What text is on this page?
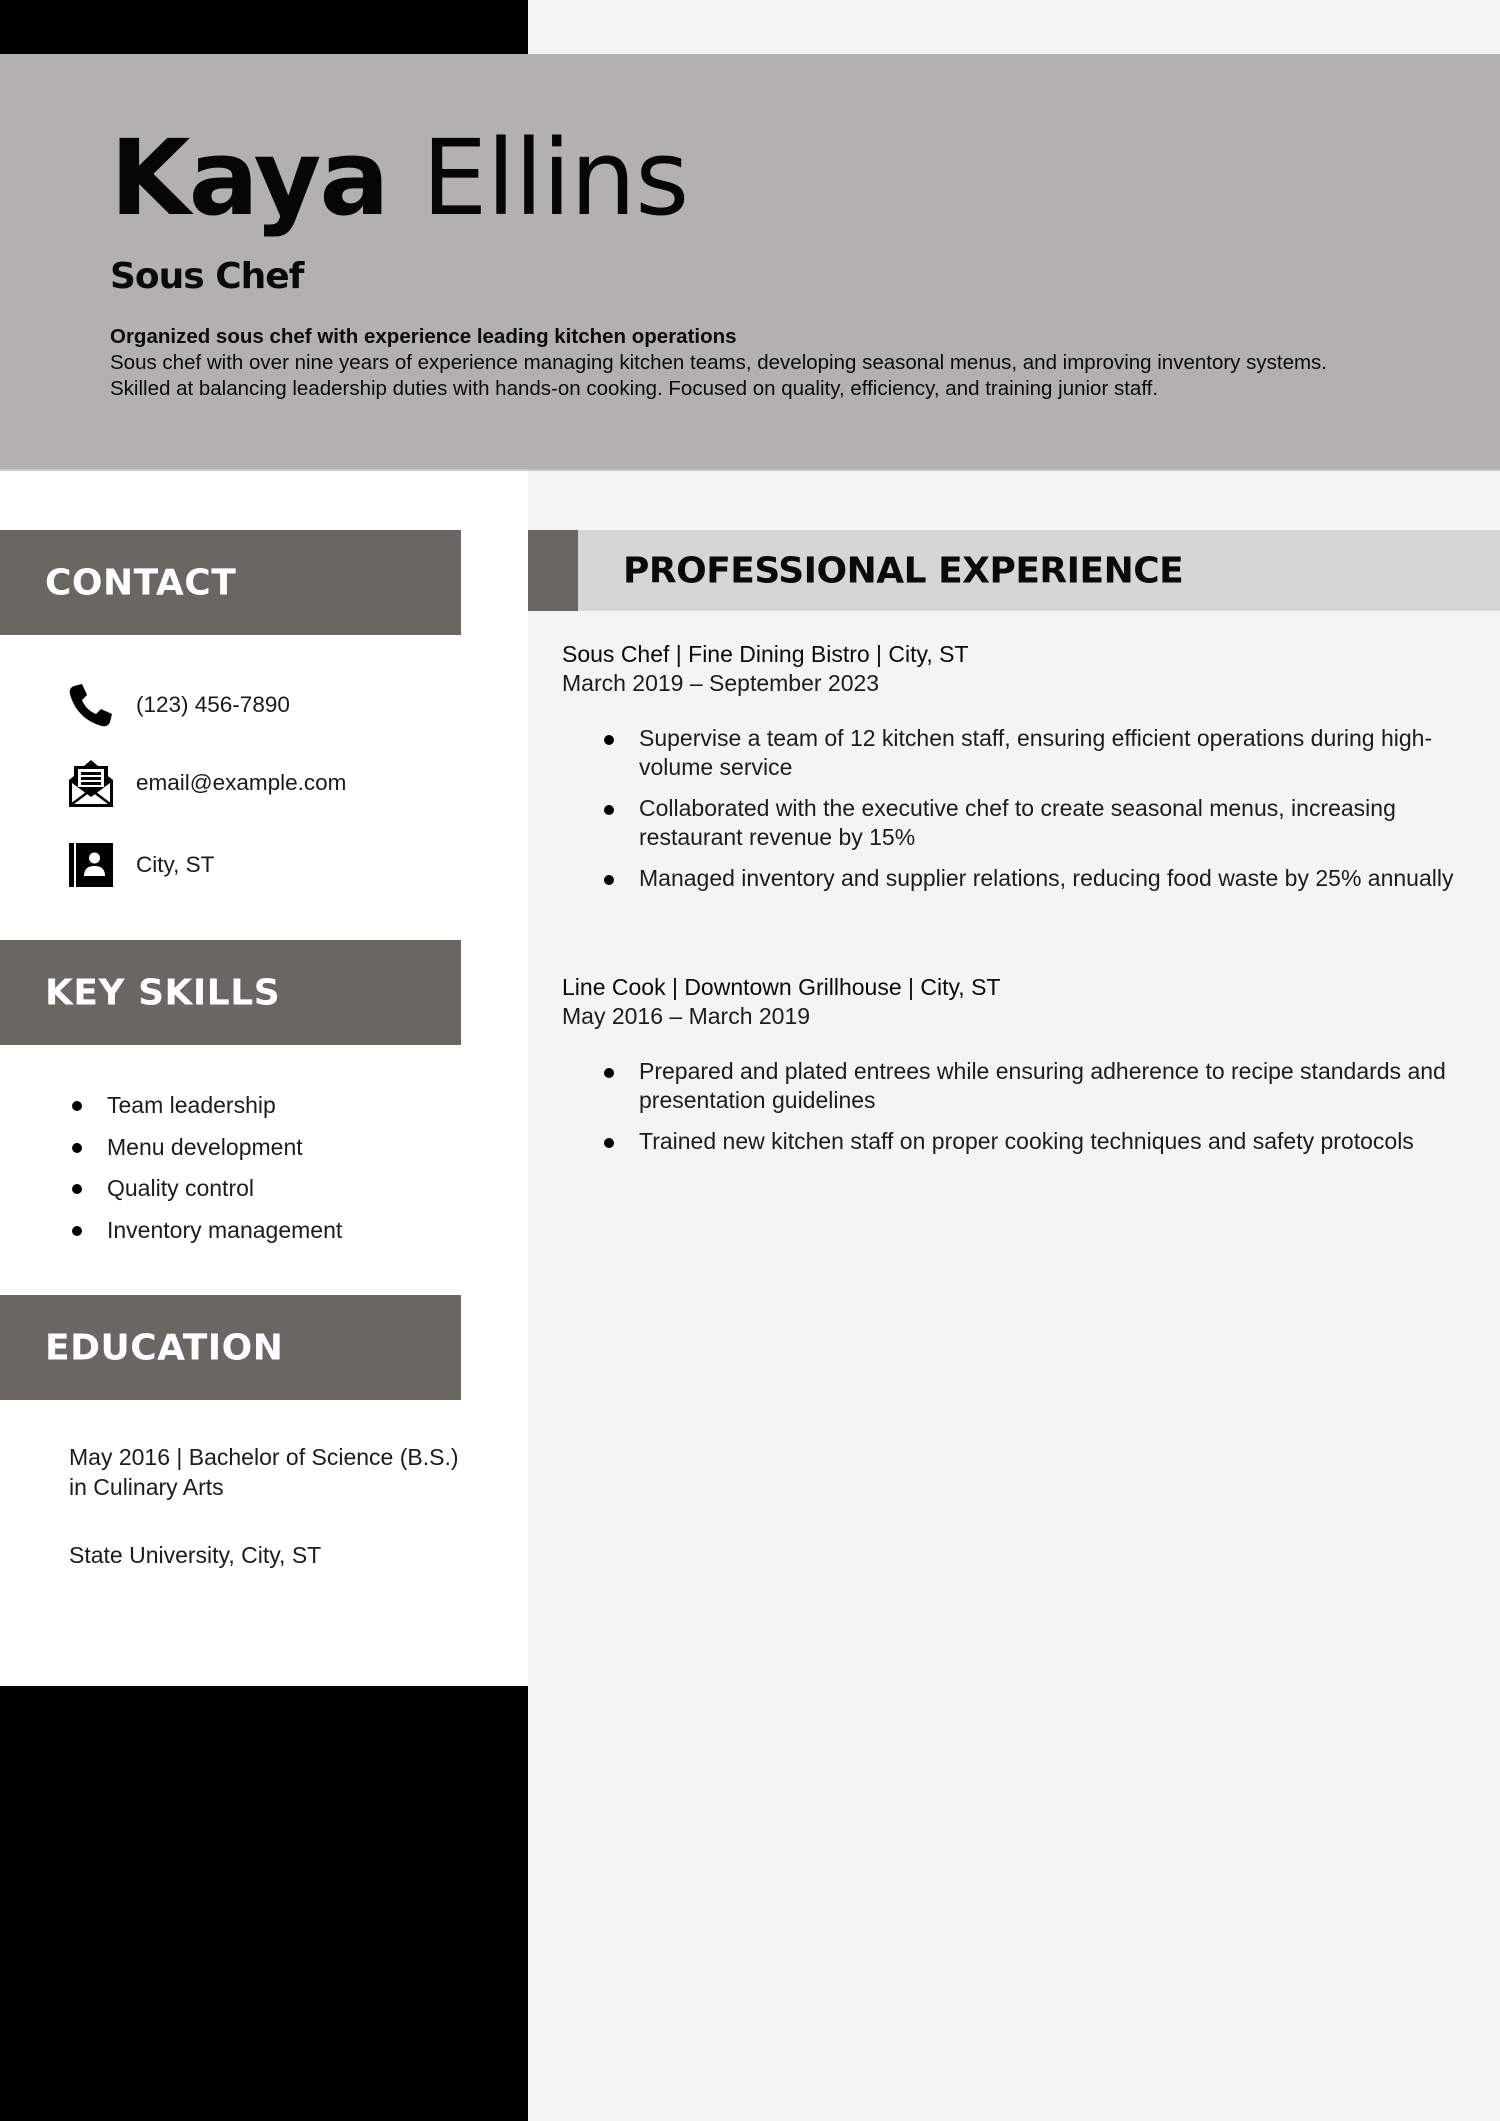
Kaya Ellins
Sous Chef
Organized sous chef with experience leading kitchen operations
Sous chef with over nine years of experience managing kitchen teams, developing seasonal menus, and improving inventory systems. Skilled at balancing leadership duties with hands-on cooking. Focused on quality, efficiency, and training junior staff.
CONTACT
(123) 456-7890
email@example.com
City, ST
KEY SKILLS
Team leadership
Menu development
Quality control
Inventory management
EDUCATION
May 2016 | Bachelor of Science (B.S.) in Culinary Arts
State University, City, ST
PROFESSIONAL EXPERIENCE
Sous Chef | Fine Dining Bistro | City, ST
March 2019 – September 2023
Supervise a team of 12 kitchen staff, ensuring efficient operations during high-volume service
Collaborated with the executive chef to create seasonal menus, increasing restaurant revenue by 15%
Managed inventory and supplier relations, reducing food waste by 25% annually
Line Cook | Downtown Grillhouse | City, ST
May 2016 – March 2019
Prepared and plated entrees while ensuring adherence to recipe standards and presentation guidelines
Trained new kitchen staff on proper cooking techniques and safety protocols
